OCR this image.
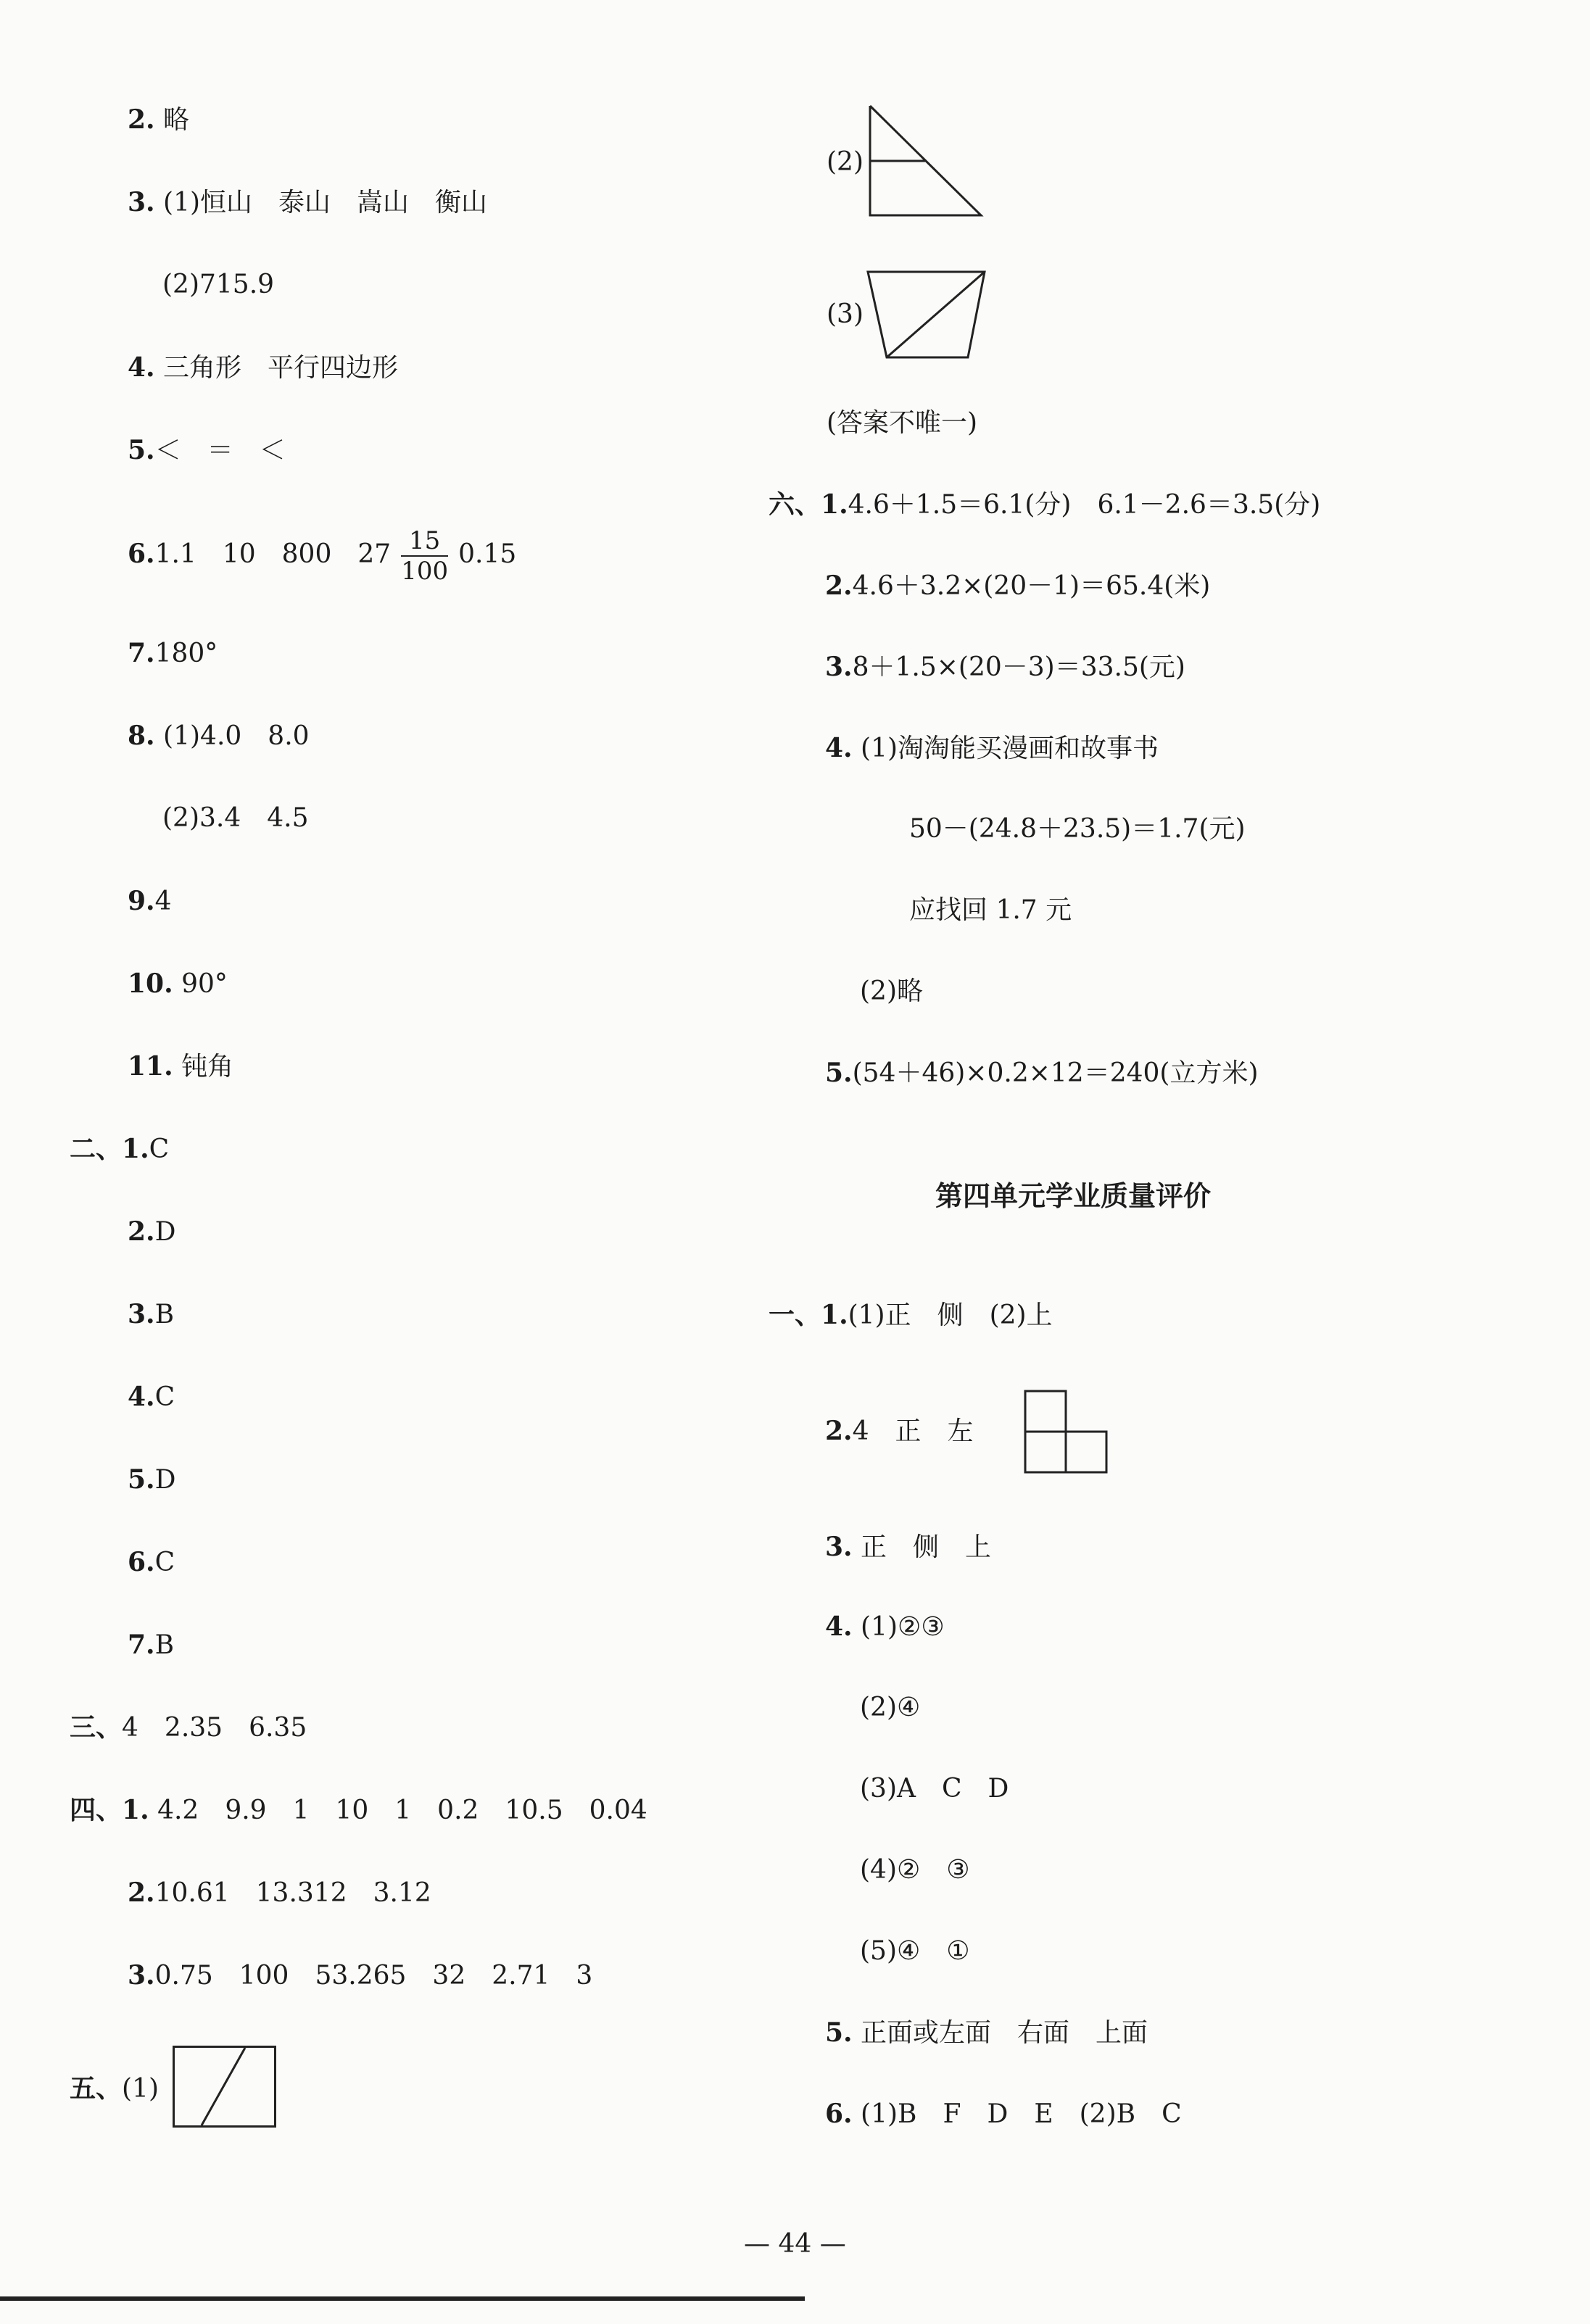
2. 略
3. (1)恒山　泰山　嵩山　衡山
(2)715.9
4. 三角形　平行四边形
5.＜　＝　＜
6.1.1　10　800　$27 \frac{15}{100} 0.15$
7.180°
8. (1)4.0　8.0
(2)3.4　4.5
9.4
10. 90°
11. 钝角
二、1.C
2.D
3.B
4.C
5.D
6.C
7.B
三、4　2.35　6.35
四、1. 4.2　9.9　1　10　1　0.2　10.5　0.04
2.10.61　13.312　3.12
3.0.75　100　53.265　32　2.71　3
五、(1)
(2)
(3)
(答案不唯一)
六、1.4.6＋1.5＝6.1(分)　6.1－2.6＝3.5(分)
2.4.6＋3.2×(20－1)＝65.4(米)
3.8＋1.5×(20－3)＝33.5(元)
4. (1)淘淘能买漫画和故事书
50－(24.8＋23.5)＝1.7(元)
应找回 1.7 元
(2)略
5.(54＋46)×0.2×12＝240(立方米)
第四单元学业质量评价
一、1.(1)正　侧　(2)上
2.4　正　左
3. 正　侧　上
4. (1)②③
(2)④
(3)A　C　D
(4)②　③
(5)④　①
5. 正面或左面　右面　上面
6. (1)B　F　D　E　(2)B　C
— 44 —
